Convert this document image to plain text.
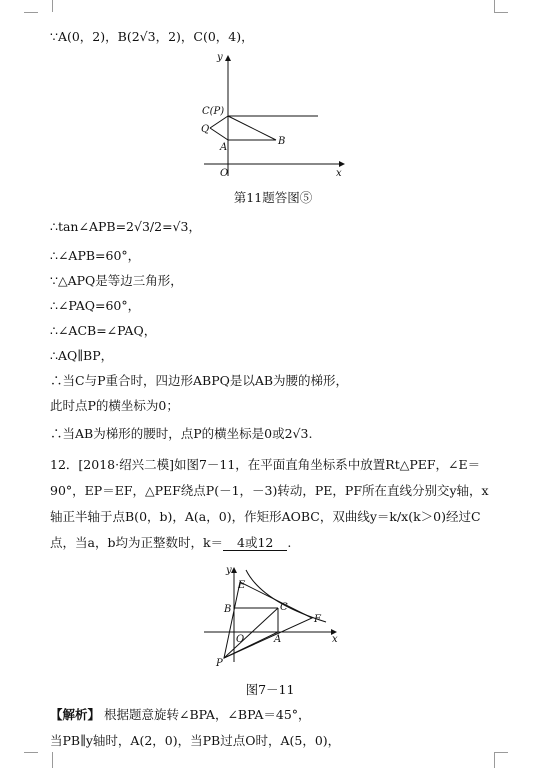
∵A(0，2)，B(2√3，2)，C(0，4)，
y
x
O
C(P)
Q
A
B
第11题答图⑤
∴tan∠APB=2√3/2=√3，
∴∠APB=60°，
∵△APQ是等边三角形，
∴∠PAQ=60°，
∴∠ACB=∠PAQ，
∴AQ∥BP，
∴当C与P重合时，四边形ABPQ是以AB为腰的梯形，
此时点P的横坐标为0；
∴当AB为梯形的腰时，点P的横坐标是0或2√3.
12．[2018·绍兴二模]如图7－11，在平面直角坐标系中放置Rt△PEF，∠E＝90°，EP＝EF，△PEF绕点P(－1，－3)转动，PE，PF所在直线分别交y轴，x轴正半轴于点B(0，b)，A(a，0)，作矩形AOBC，双曲线y＝k/x(k＞0)经过C点，当a，b均为正整数时，k＝ 4或12 .
y
x
O
E
B	C
F
A
P
图7－11
【解析】 根据题意旋转∠BPA，∠BPA＝45°，
当PB∥y轴时，A(2，0)，当PB过点O时，A(5，0)，
